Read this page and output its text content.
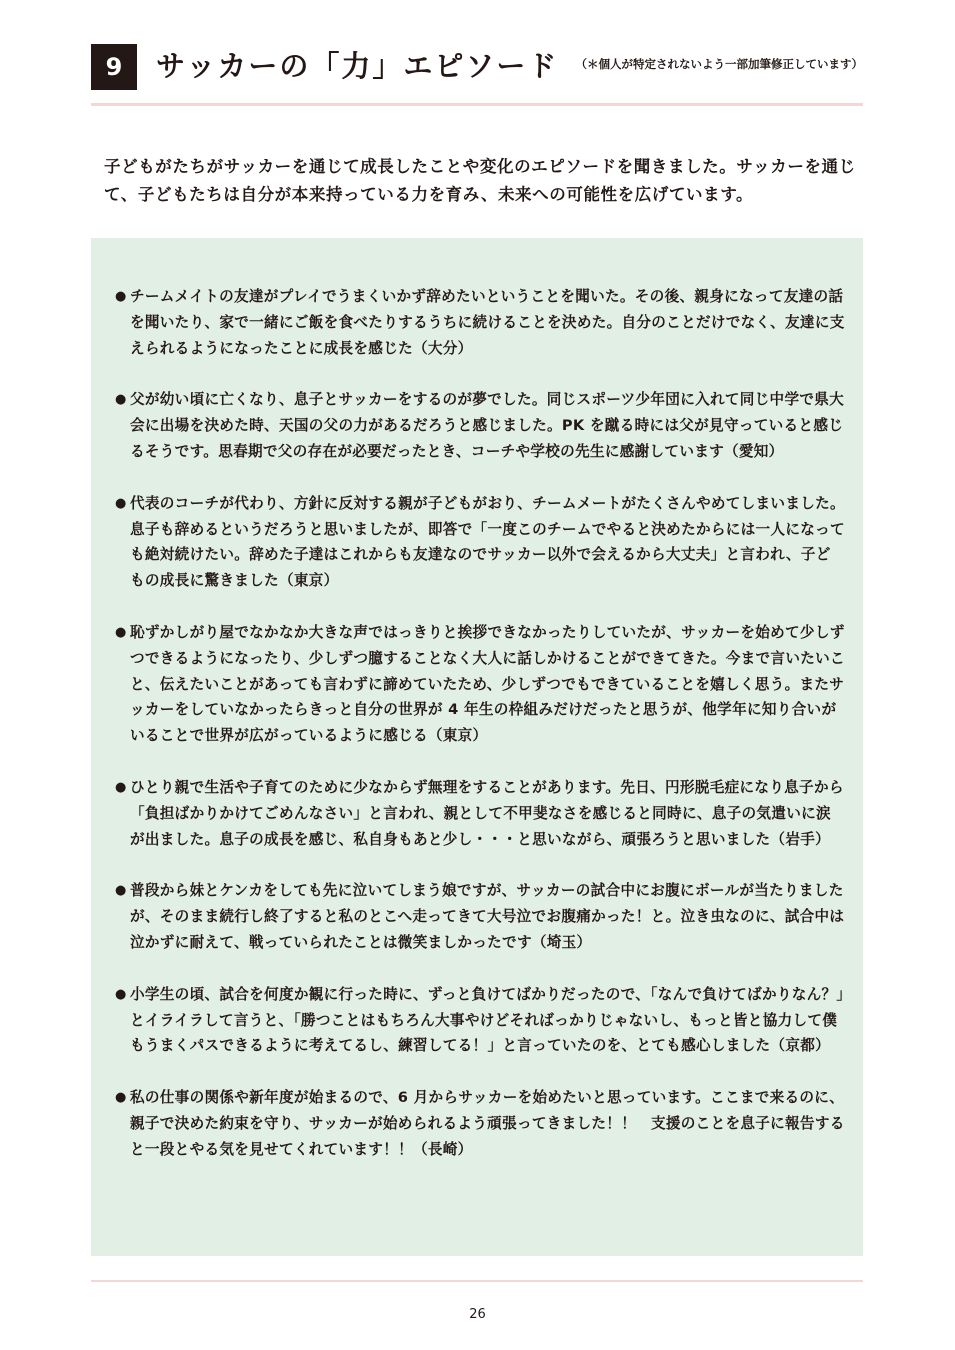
9	サッカーの「力」エピソード （＊個人が特定されないよう一部加筆修正しています）

子どもがたちがサッカーを通じて成長したことや変化のエピソードを聞きました。サッカーを通じて、子どもたちは自分が本来持っている力を育み、未来への可能性を広げています。

● チームメイトの友達がプレイでうまくいかず辞めたいということを聞いた。その後、親身になって友達の話を聞いたり、家で一緒にご飯を食べたりするうちに続けることを決めた。自分のことだけでなく、友達に支えられるようになったことに成長を感じた（大分）
● 父が幼い頃に亡くなり、息子とサッカーをするのが夢でした。同じスポーツ少年団に入れて同じ中学で県大会に出場を決めた時、天国の父の力があるだろうと感じました。PK を蹴る時には父が見守っていると感じるそうです。思春期で父の存在が必要だったとき、コーチや学校の先生に感謝しています（愛知）
● 代表のコーチが代わり、方針に反対する親が子どもがおり、チームメートがたくさんやめてしまいました。息子も辞めるというだろうと思いましたが、即答で「一度このチームでやると決めたからには一人になっても絶対続けたい。辞めた子達はこれからも友達なのでサッカー以外で会えるから大丈夫」と言われ、子どもの成長に驚きました（東京）
● 恥ずかしがり屋でなかなか大きな声ではっきりと挨拶できなかったりしていたが、サッカーを始めて少しずつできるようになったり、少しずつ臆することなく大人に話しかけることができてきた。今まで言いたいこと、伝えたいことがあっても言わずに諦めていたため、少しずつでもできていることを嬉しく思う。またサッカーをしていなかったらきっと自分の世界が 4 年生の枠組みだけだったと思うが、他学年に知り合いがいることで世界が広がっているように感じる（東京）
● ひとり親で生活や子育てのために少なからず無理をすることがあります。先日、円形脱毛症になり息子から「負担ばかりかけてごめんなさい」と言われ、親として不甲斐なさを感じると同時に、息子の気遣いに涙が出ました。息子の成長を感じ、私自身もあと少し・・・と思いながら、頑張ろうと思いました（岩手）
● 普段から妹とケンカをしても先に泣いてしまう娘ですが、サッカーの試合中にお腹にボールが当たりましたが、そのまま続行し終了すると私のとこへ走ってきて大号泣でお腹痛かった！と。泣き虫なのに、試合中は泣かずに耐えて、戦っていられたことは微笑ましかったです（埼玉）
● 小学生の頃、試合を何度か観に行った時に、ずっと負けてばかりだったので、「なんで負けてばかりなん？」とイライラして言うと、「勝つことはもちろん大事やけどそればっかりじゃないし、もっと皆と協力して僕もうまくパスできるように考えてるし、練習してる！」と言っていたのを、とても感心しました（京都）
● 私の仕事の関係や新年度が始まるので、6 月からサッカーを始めたいと思っています。ここまで来るのに、親子で決めた約束を守り、サッカーが始められるよう頑張ってきました！！　支援のことを息子に報告すると一段とやる気を見せてくれています！！（長崎）
26
